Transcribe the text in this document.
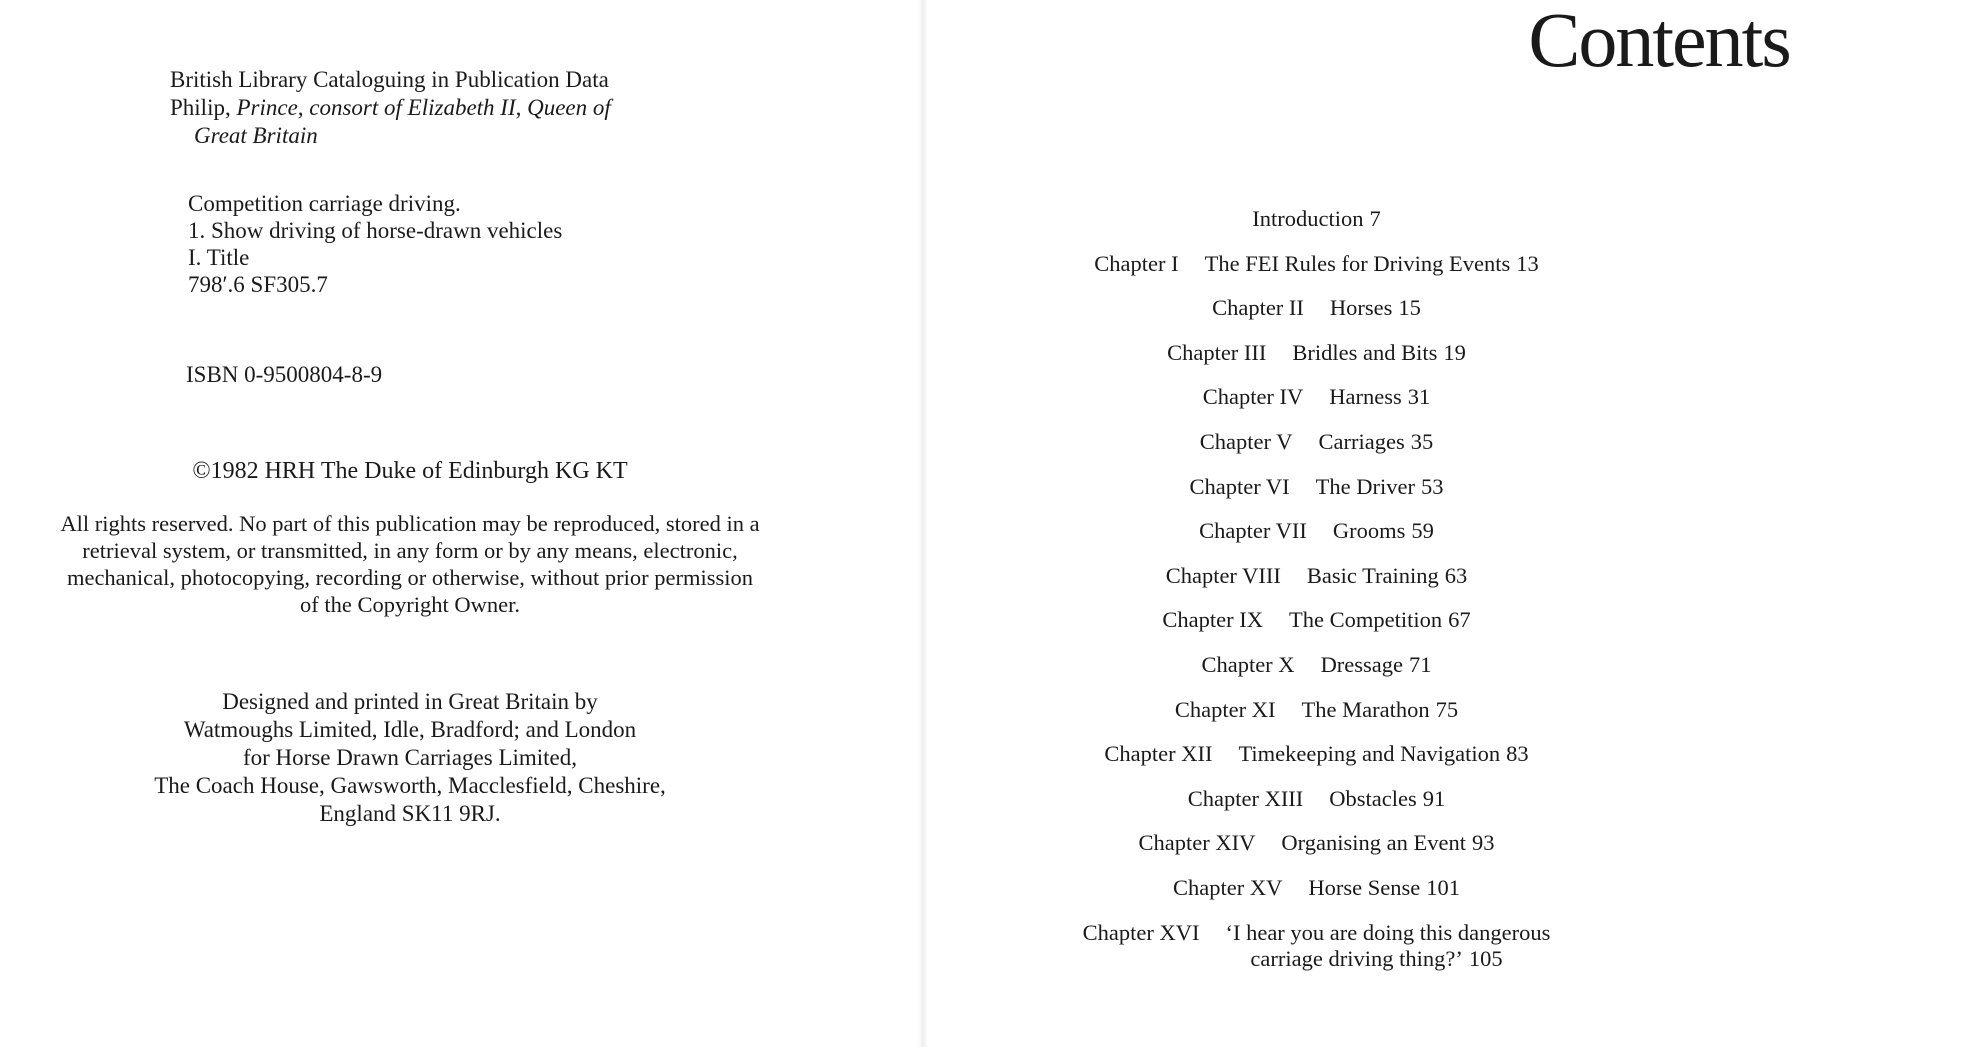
British Library Cataloguing in Publication Data
Philip, Prince, consort of Elizabeth II, Queen of
Great Britain
Competition carriage driving.
1. Show driving of horse-drawn vehicles
I. Title
798′.6 SF305.7
ISBN 0-9500804-8-9
©1982 HRH The Duke of Edinburgh KG KT
All rights reserved. No part of this publication may be reproduced, stored in a
retrieval system, or transmitted, in any form or by any means, electronic,
mechanical, photocopying, recording or otherwise, without prior permission
of the Copyright Owner.
Designed and printed in Great Britain by
Watmoughs Limited, Idle, Bradford; and London
for Horse Drawn Carriages Limited,
The Coach House, Gawsworth, Macclesfield, Cheshire,
England SK11 9RJ.
Contents
Introduction 7
Chapter I The FEI Rules for Driving Events 13
Chapter II Horses 15
Chapter III Bridles and Bits 19
Chapter IV Harness 31
Chapter V Carriages 35
Chapter VI The Driver 53
Chapter VII Grooms 59
Chapter VIII Basic Training 63
Chapter IX The Competition 67
Chapter X Dressage 71
Chapter XI The Marathon 75
Chapter XII Timekeeping and Navigation 83
Chapter XIII Obstacles 91
Chapter XIV Organising an Event 93
Chapter XV Horse Sense 101
Chapter XVI ‘I hear you are doing this dangerous
carriage driving thing?’ 105
